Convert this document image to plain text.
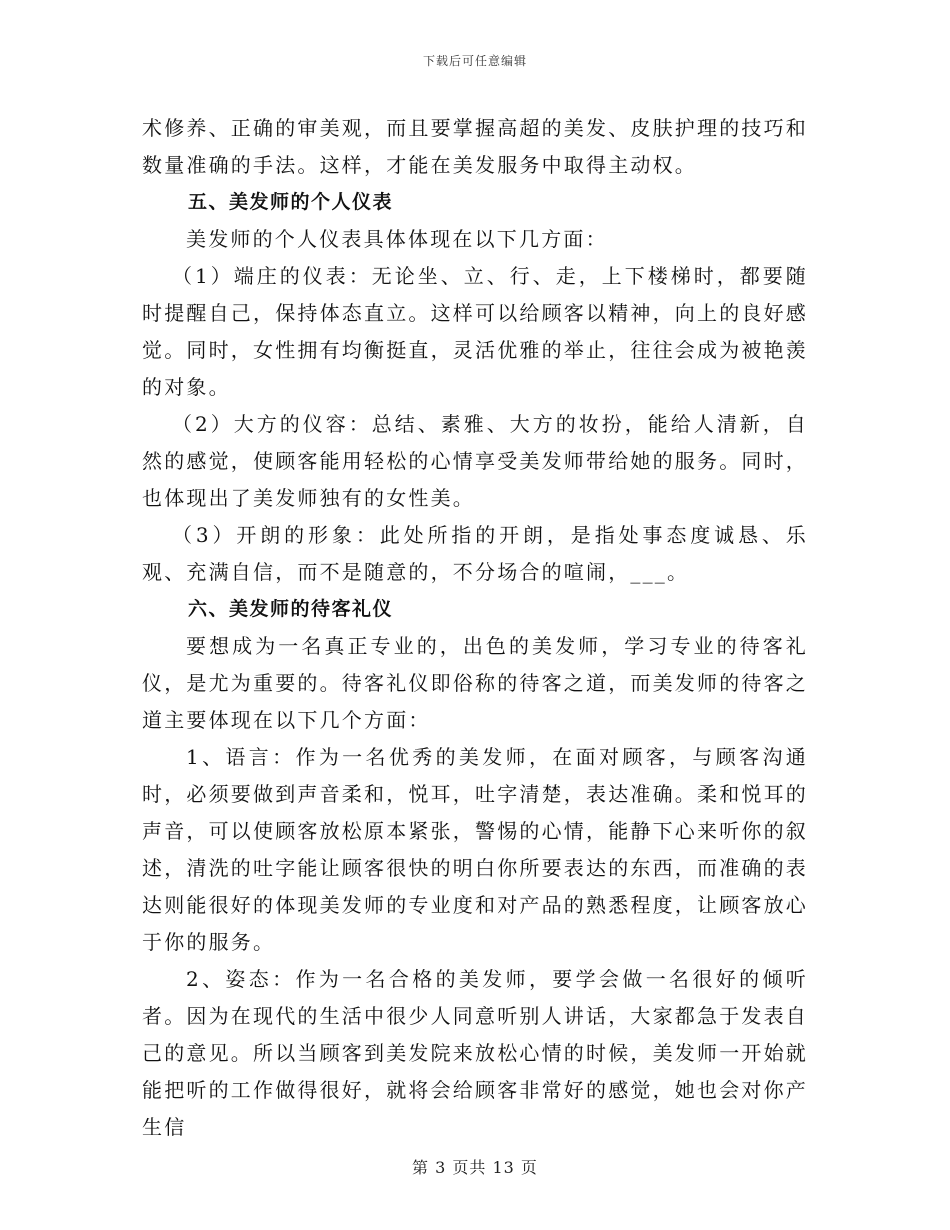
下载后可任意编辑

术修养、正确的审美观，而且要掌握高超的美发、皮肤护理的技巧和数量准确的手法。这样，才能在美发服务中取得主动权。

五、美发师的个人仪表

美发师的个人仪表具体体现在以下几方面：

（1）端庄的仪表：无论坐、立、行、走，上下楼梯时，都要随时提醒自己，保持体态直立。这样可以给顾客以精神，向上的良好感觉。同时，女性拥有均衡挺直，灵活优雅的举止，往往会成为被艳羡的对象。

（2）大方的仪容：总结、素雅、大方的妆扮，能给人清新，自然的感觉，使顾客能用轻松的心情享受美发师带给她的服务。同时，也体现出了美发师独有的女性美。

（3）开朗的形象：此处所指的开朗，是指处事态度诚恳、乐观、充满自信，而不是随意的，不分场合的喧闹，___。

六、美发师的待客礼仪

要想成为一名真正专业的，出色的美发师，学习专业的待客礼仪，是尤为重要的。待客礼仪即俗称的待客之道，而美发师的待客之道主要体现在以下几个方面：

1、语言：作为一名优秀的美发师，在面对顾客，与顾客沟通时，必须要做到声音柔和，悦耳，吐字清楚，表达准确。柔和悦耳的声音，可以使顾客放松原本紧张，警惕的心情，能静下心来听你的叙述，清洗的吐字能让顾客很快的明白你所要表达的东西，而准确的表达则能很好的体现美发师的专业度和对产品的熟悉程度，让顾客放心于你的服务。

2、姿态：作为一名合格的美发师，要学会做一名很好的倾听者。因为在现代的生活中很少人同意听别人讲话，大家都急于发表自己的意见。所以当顾客到美发院来放松心情的时候，美发师一开始就能把听的工作做得很好，就将会给顾客非常好的感觉，她也会对你产生信

第 3 页共 13 页
